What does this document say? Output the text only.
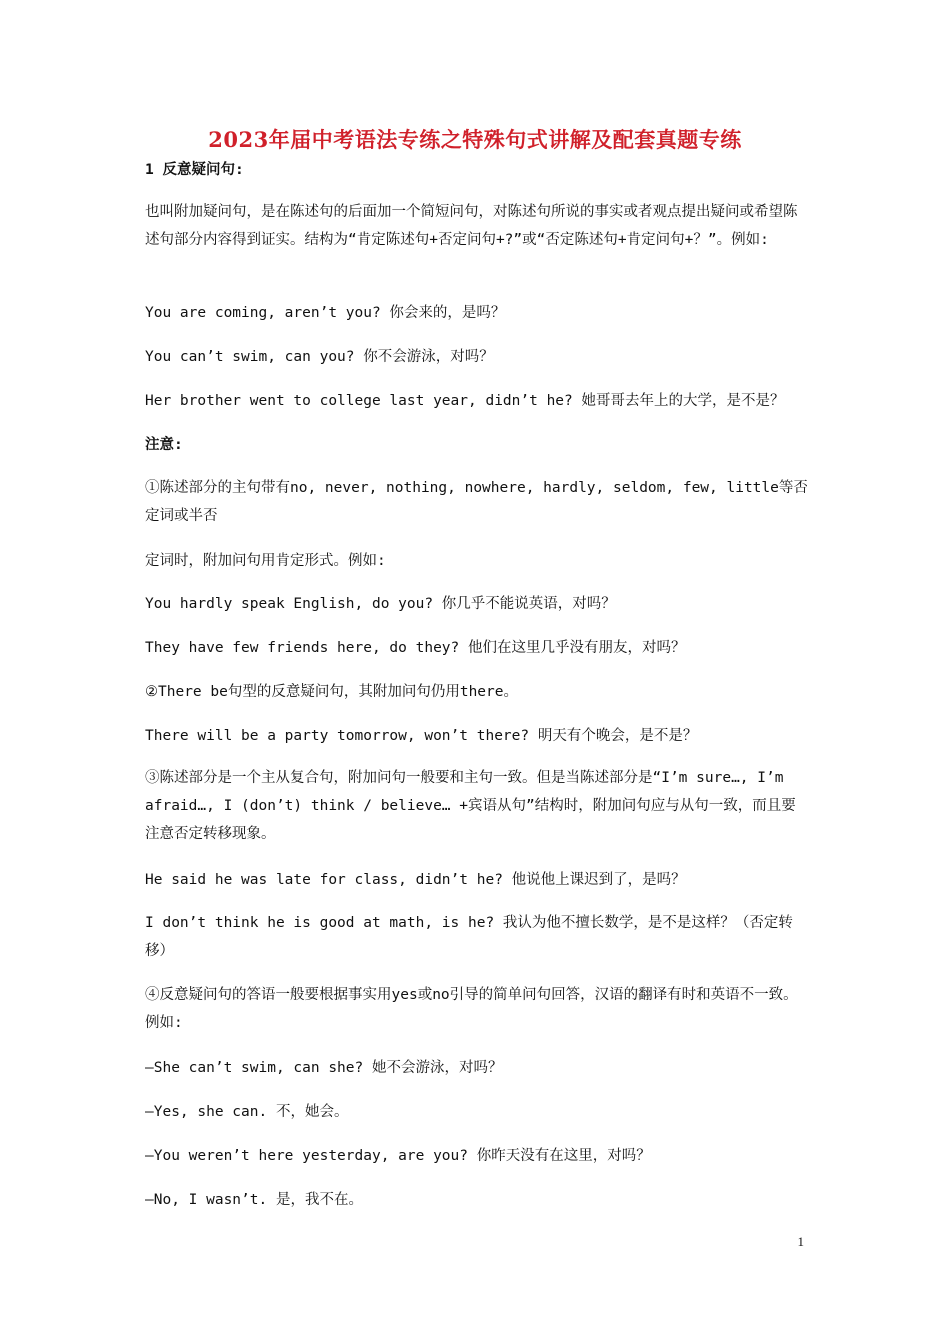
2023年届中考语法专练之特殊句式讲解及配套真题专练
1 反意疑问句:
也叫附加疑问句，是在陈述句的后面加一个简短问句，对陈述句所说的事实或者观点提出疑问或希望陈述句部分内容得到证实。结构为“肯定陈述句+否定问句+?”或“否定陈述句+肯定问句+？”。例如:
You are coming, aren’t you? 你会来的，是吗？
You can’t swim, can you? 你不会游泳，对吗？
Her brother went to college last year, didn’t he? 她哥哥去年上的大学，是不是？
注意:
①陈述部分的主句带有no, never, nothing, nowhere, hardly, seldom, few, little等否定词或半否
定词时，附加问句用肯定形式。例如:
You hardly speak English, do you? 你几乎不能说英语，对吗？
They have few friends here, do they? 他们在这里几乎没有朋友，对吗？
②There be句型的反意疑问句，其附加问句仍用there。
There will be a party tomorrow, won’t there? 明天有个晚会，是不是？
③陈述部分是一个主从复合句，附加问句一般要和主句一致。但是当陈述部分是“I’m sure…, I’m afraid…, I (don’t) think / believe… +宾语从句”结构时，附加问句应与从句一致，而且要注意否定转移现象。
He said he was late for class, didn’t he? 他说他上课迟到了，是吗？
I don’t think he is good at math, is he? 我认为他不擅长数学，是不是这样？（否定转移）
④反意疑问句的答语一般要根据事实用yes或no引导的简单问句回答，汉语的翻译有时和英语不一致。例如:
—She can’t swim, can she? 她不会游泳，对吗？
—Yes, she can. 不，她会。
—You weren’t here yesterday, are you? 你昨天没有在这里，对吗？
—No, I wasn’t. 是，我不在。
1
